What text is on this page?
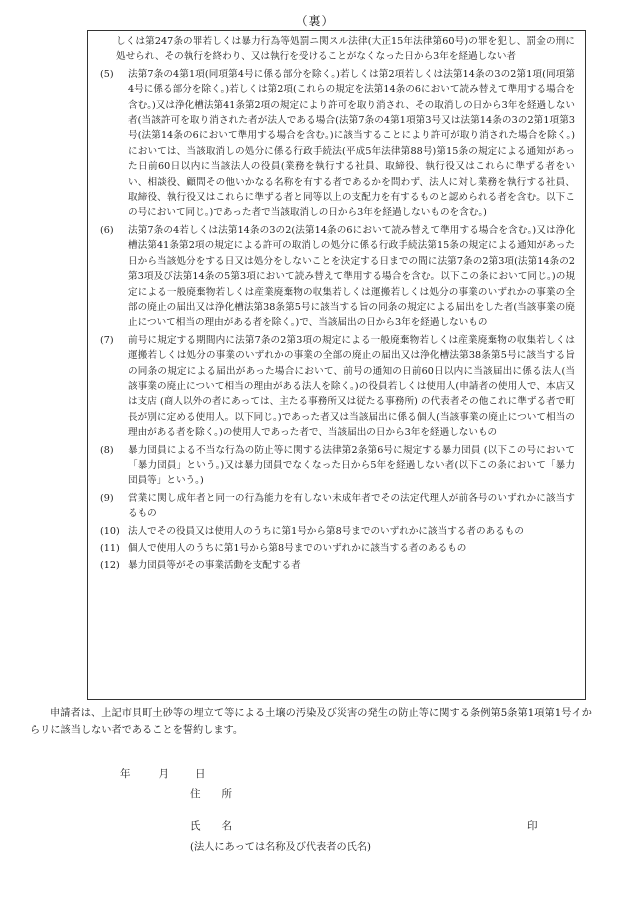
（裏）

しくは第247条の罪若しくは暴力行為等処罰ニ関スル法律(大正15年法律第60号)の罪を犯し、罰金の刑に処せられ、その執行を終わり、又は執行を受けることがなくなった日から3年を経過しない者

(5)	法第7条の4第1項(同項第4号に係る部分を除く。)若しくは第2項若しくは法第14条の3の2第1項(同項第4号に係る部分を除く。)若しくは第2項(これらの規定を法第14条の6において読み替えて準用する場合を含む。)又は浄化槽法第41条第2項の規定により許可を取り消され、その取消しの日から3年を経過しない者(当該許可を取り消された者が法人である場合(法第7条の4第1項第3号又は法第14条の3の2第1項第3号(法第14条の6において準用する場合を含む。)に該当することにより許可が取り消された場合を除く。)においては、当該取消しの処分に係る行政手続法(平成5年法律第88号)第15条の規定による通知があった日前60日以内に当該法人の役員(業務を執行する社員、取締役、執行役又はこれらに準ずる者をいい、相談役、顧問その他いかなる名称を有する者であるかを問わず、法人に対し業務を執行する社員、取締役、執行役又はこれらに準ずる者と同等以上の支配力を有するものと認められる者を含む。以下この号において同じ。)であった者で当該取消しの日から3年を経過しないものを含む。)
(6)	法第7条の4若しくは法第14条の3の2(法第14条の6において読み替えて準用する場合を含む。)又は浄化槽法第41条第2項の規定による許可の取消しの処分に係る行政手続法第15条の規定による通知があった日から当該処分をする日又は処分をしないことを決定する日までの間に法第7条の2第3項(法第14条の2第3項及び法第14条の5第3項において読み替えて準用する場合を含む。以下この条において同じ。)の規定による一般廃棄物若しくは産業廃棄物の収集若しくは運搬若しくは処分の事業のいずれかの事業の全部の廃止の届出又は浄化槽法第38条第5号に該当する旨の同条の規定による届出をした者(当該事業の廃止について相当の理由がある者を除く。)で、当該届出の日から3年を経過しないもの
(7)	前号に規定する期間内に法第7条の2第3項の規定による一般廃棄物若しくは産業廃棄物の収集若しくは運搬若しくは処分の事業のいずれかの事業の全部の廃止の届出又は浄化槽法第38条第5号に該当する旨の同条の規定による届出があった場合において、前号の通知の日前60日以内に当該届出に係る法人(当該事業の廃止について相当の理由がある法人を除く。)の役員若しくは使用人(申請者の使用人で、本店又は支店 (商人以外の者にあっては、主たる事務所又は従たる事務所) の代表者その他これに準ずる者で町長が別に定める使用人。以下同じ。)であった者又は当該届出に係る個人(当該事業の廃止について相当の理由がある者を除く。)の使用人であった者で、当該届出の日から3年を経過しないもの
(8)	暴力団員による不当な行為の防止等に関する法律第2条第6号に規定する暴力団員 (以下この号において「暴力団員」という。)又は暴力団員でなくなった日から5年を経過しない者(以下この条において「暴力団員等」という。)
(9)	営業に関し成年者と同一の行為能力を有しない未成年者でその法定代理人が前各号のいずれかに該当するもの
(10) 法人でその役員又は使用人のうちに第1号から第8号までのいずれかに該当する者のあるもの
(11) 個人で使用人のうちに第1号から第8号までのいずれかに該当する者のあるもの
(12) 暴力団員等がその事業活動を支配する者

申請者は、上記市貝町土砂等の埋立て等による土壌の汚染及び災害の発生の防止等に関する条例第5条第1項第1号イからリに該当しない者であることを誓約します。

年	月 日
住　　所
氏　　名	印
(法人にあっては名称及び代表者の氏名)
